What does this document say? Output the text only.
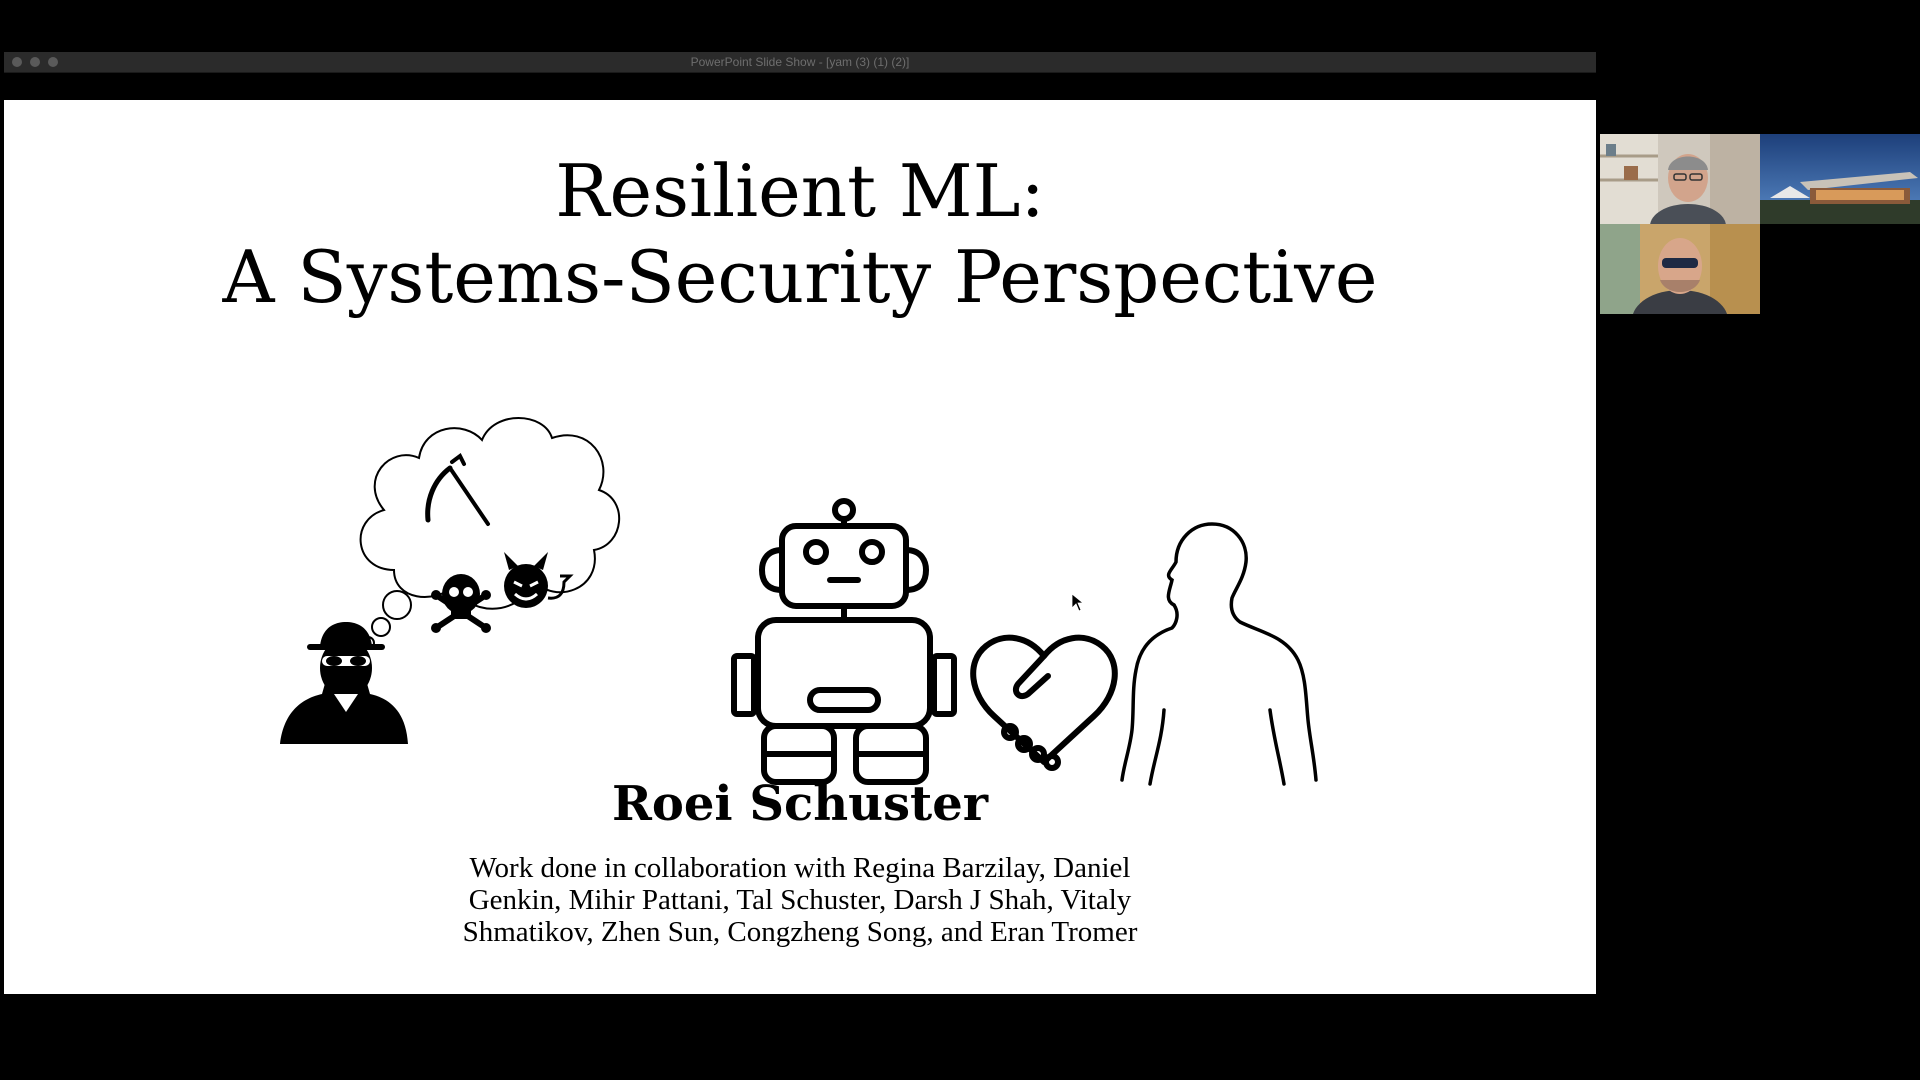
PowerPoint Slide Show - [yam (3) (1) (2)]
Resilient ML:
A Systems-Security Perspective
Roei Schuster
Work done in collaboration with Regina Barzilay, Daniel
Genkin, Mihir Pattani, Tal Schuster, Darsh J Shah, Vitaly
Shmatikov, Zhen Sun, Congzheng Song, and Eran Tromer
